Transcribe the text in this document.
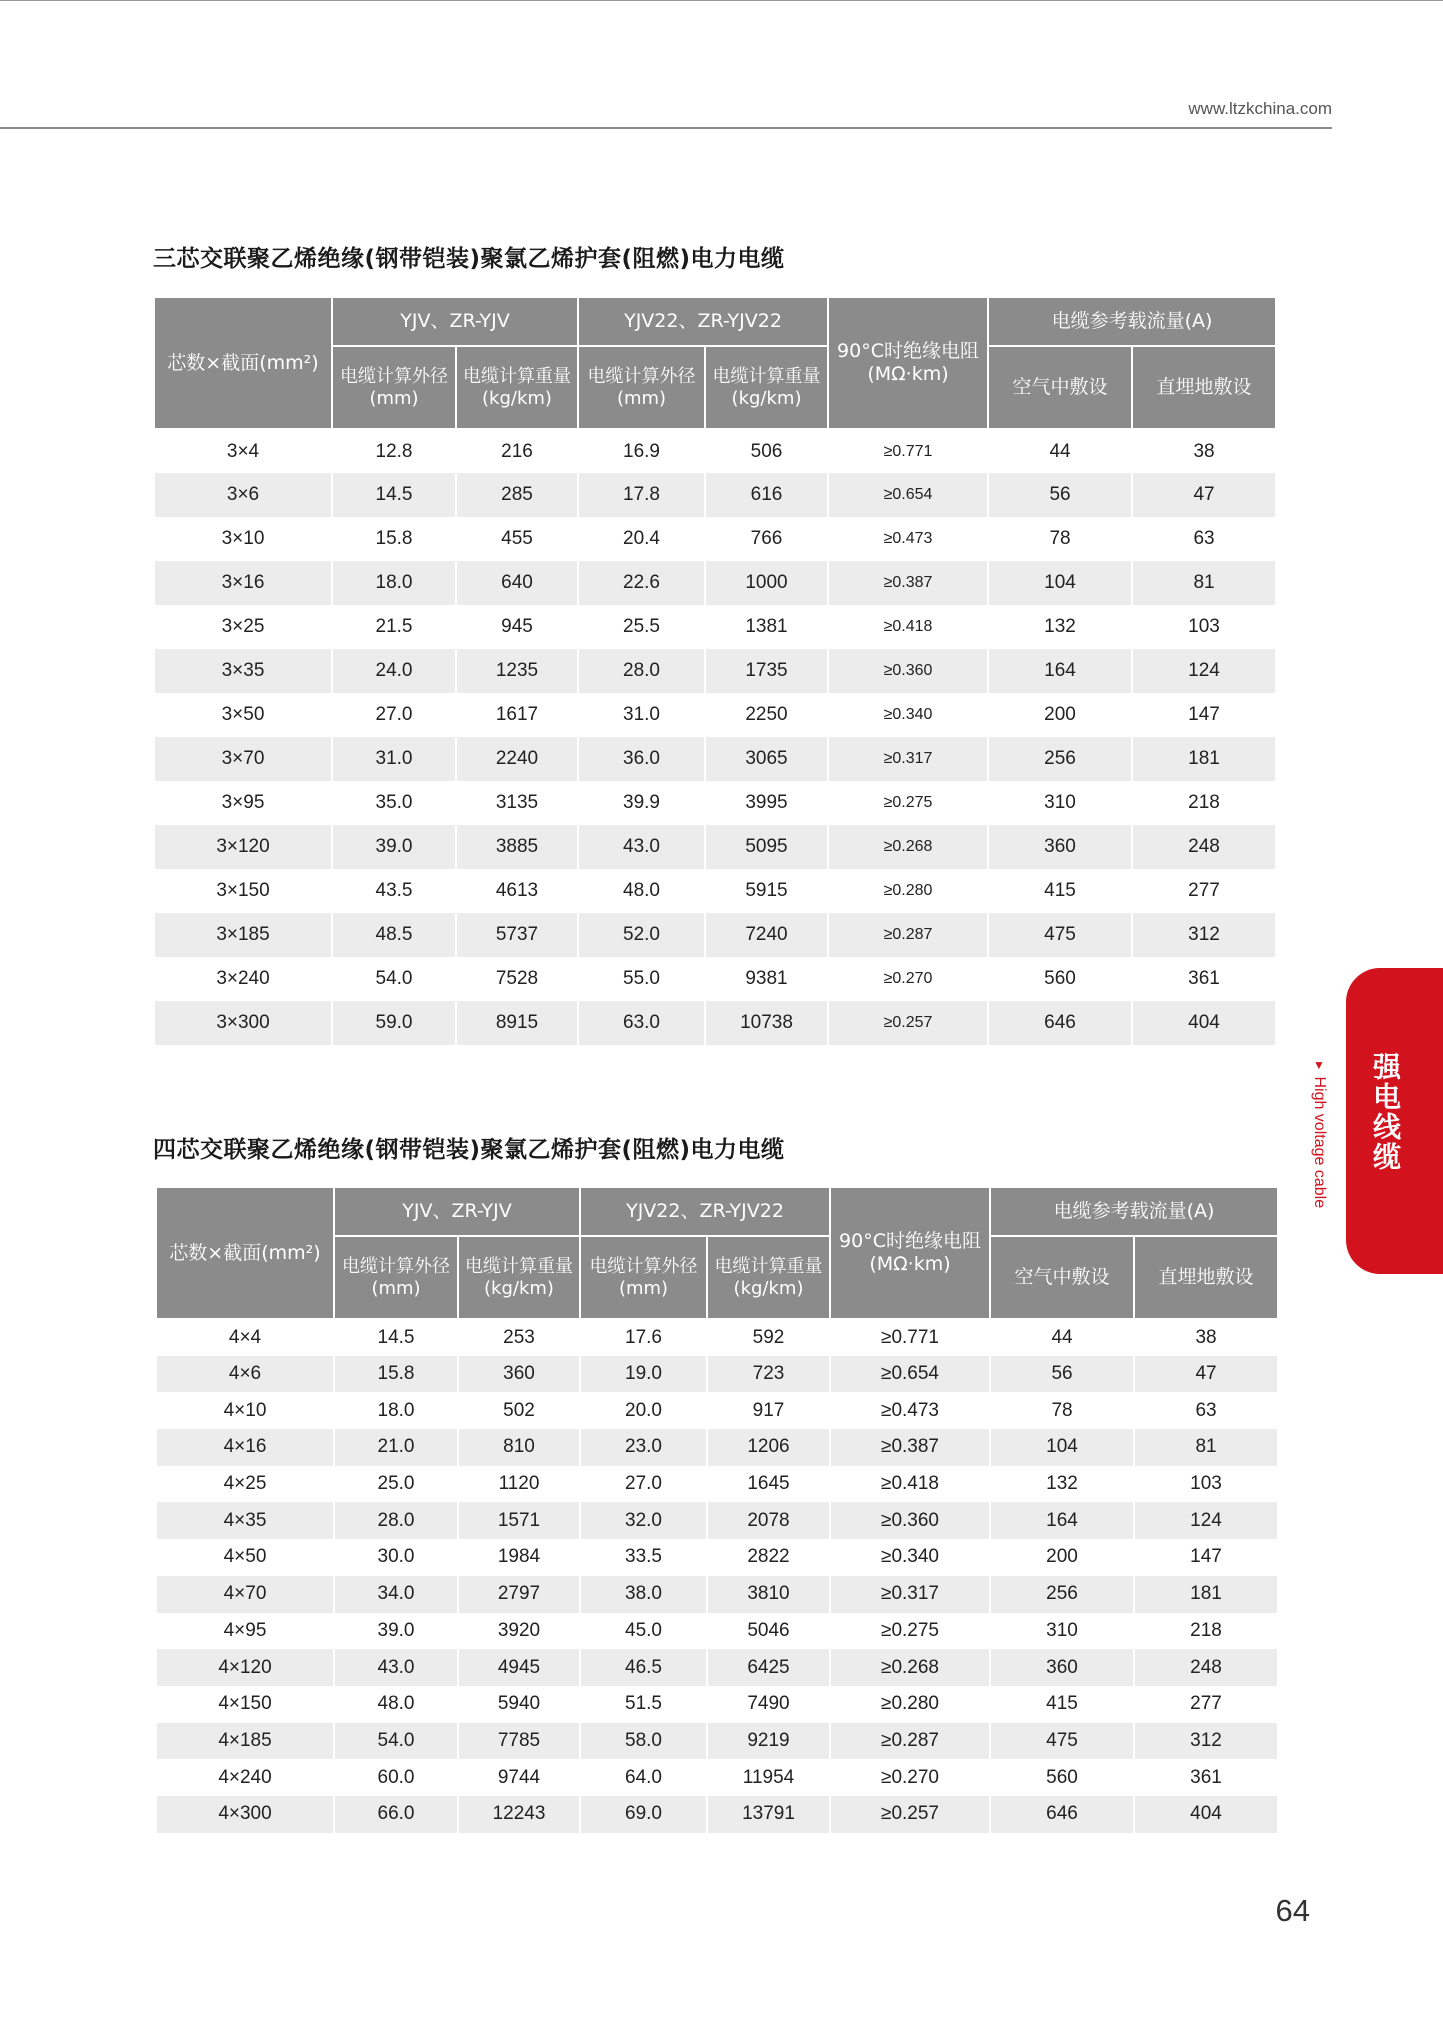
www.ltzkchina.com
三芯交联聚乙烯绝缘(钢带铠装)聚氯乙烯护套(阻燃)电力电缆
芯数×截面(mm²)	YJV、ZR-YJV		YJV22、ZR-YJV22		90°C时绝缘电阻(MΩ·km)	电缆参考载流量(A)	
	电缆计算外径(mm)	电缆计算重量(kg/km)	电缆计算外径(mm)	电缆计算重量(kg/km)		空气中敷设	直埋地敷设
3×4	12.8	216	16.9	506	≥0.771	44	38
3×6	14.5	285	17.8	616	≥0.654	56	47
3×10	15.8	455	20.4	766	≥0.473	78	63
3×16	18.0	640	22.6	1000	≥0.387	104	81
3×25	21.5	945	25.5	1381	≥0.418	132	103
3×35	24.0	1235	28.0	1735	≥0.360	164	124
3×50	27.0	1617	31.0	2250	≥0.340	200	147
3×70	31.0	2240	36.0	3065	≥0.317	256	181
3×95	35.0	3135	39.9	3995	≥0.275	310	218
3×120	39.0	3885	43.0	5095	≥0.268	360	248
3×150	43.5	4613	48.0	5915	≥0.280	415	277
3×185	48.5	5737	52.0	7240	≥0.287	475	312
3×240	54.0	7528	55.0	9381	≥0.270	560	361
3×300	59.0	8915	63.0	10738	≥0.257	646	404
四芯交联聚乙烯绝缘(钢带铠装)聚氯乙烯护套(阻燃)电力电缆
芯数×截面(mm²)	YJV、ZR-YJV		YJV22、ZR-YJV22		90°C时绝缘电阻(MΩ·km)	电缆参考载流量(A)	
	电缆计算外径(mm)	电缆计算重量(kg/km)	电缆计算外径(mm)	电缆计算重量(kg/km)		空气中敷设	直埋地敷设
4×4	14.5	253	17.6	592	≥0.771	44	38
4×6	15.8	360	19.0	723	≥0.654	56	47
4×10	18.0	502	20.0	917	≥0.473	78	63
4×16	21.0	810	23.0	1206	≥0.387	104	81
4×25	25.0	1120	27.0	1645	≥0.418	132	103
4×35	28.0	1571	32.0	2078	≥0.360	164	124
4×50	30.0	1984	33.5	2822	≥0.340	200	147
4×70	34.0	2797	38.0	3810	≥0.317	256	181
4×95	39.0	3920	45.0	5046	≥0.275	310	218
4×120	43.0	4945	46.5	6425	≥0.268	360	248
4×150	48.0	5940	51.5	7490	≥0.280	415	277
4×185	54.0	7785	58.0	9219	≥0.287	475	312
4×240	60.0	9744	64.0	11954	≥0.270	560	361
4×300	66.0	12243	69.0	13791	≥0.257	646	404
强电线缆
▼ High voltage cable
64
